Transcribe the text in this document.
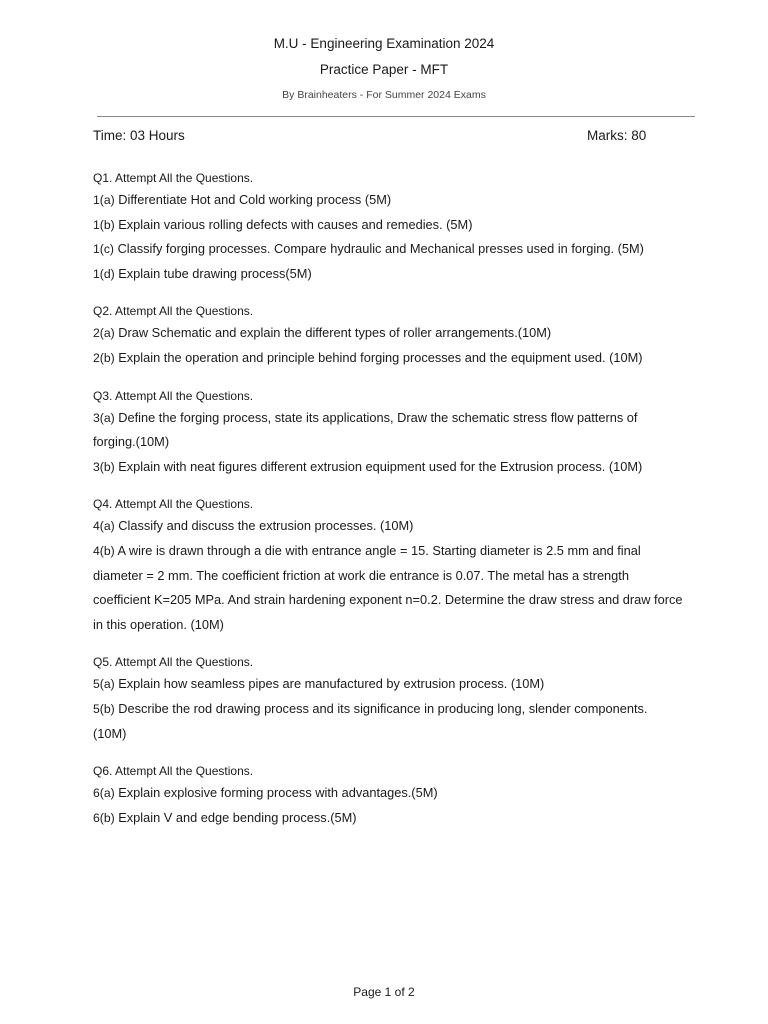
M.U - Engineering Examination 2024
Practice Paper - MFT
By Brainheaters - For Summer 2024 Exams
Time: 03 Hours	Marks: 80
Q1. Attempt All the Questions.
1(a) Differentiate Hot and Cold working process (5M)
1(b) Explain various rolling defects with causes and remedies. (5M)
1(c) Classify forging processes. Compare hydraulic and Mechanical presses used in forging. (5M)
1(d) Explain tube drawing process(5M)
Q2. Attempt All the Questions.
2(a) Draw Schematic and explain the different types of roller arrangements.(10M)
2(b) Explain the operation and principle behind forging processes and the equipment used. (10M)
Q3. Attempt All the Questions.
3(a) Define the forging process, state its applications, Draw the schematic stress flow patterns of forging.(10M)
3(b) Explain with neat figures different extrusion equipment used for the Extrusion process. (10M)
Q4. Attempt All the Questions.
4(a) Classify and discuss the extrusion processes. (10M)
4(b) A wire is drawn through a die with entrance angle = 15. Starting diameter is 2.5 mm and final diameter = 2 mm. The coefficient friction at work die entrance is 0.07. The metal has a strength coefficient K=205 MPa. And strain hardening exponent n=0.2. Determine the draw stress and draw force in this operation. (10M)
Q5. Attempt All the Questions.
5(a) Explain how seamless pipes are manufactured by extrusion process. (10M)
5(b) Describe the rod drawing process and its significance in producing long, slender components. (10M)
Q6. Attempt All the Questions.
6(a) Explain explosive forming process with advantages.(5M)
6(b) Explain V and edge bending process.(5M)
Page 1 of 2
